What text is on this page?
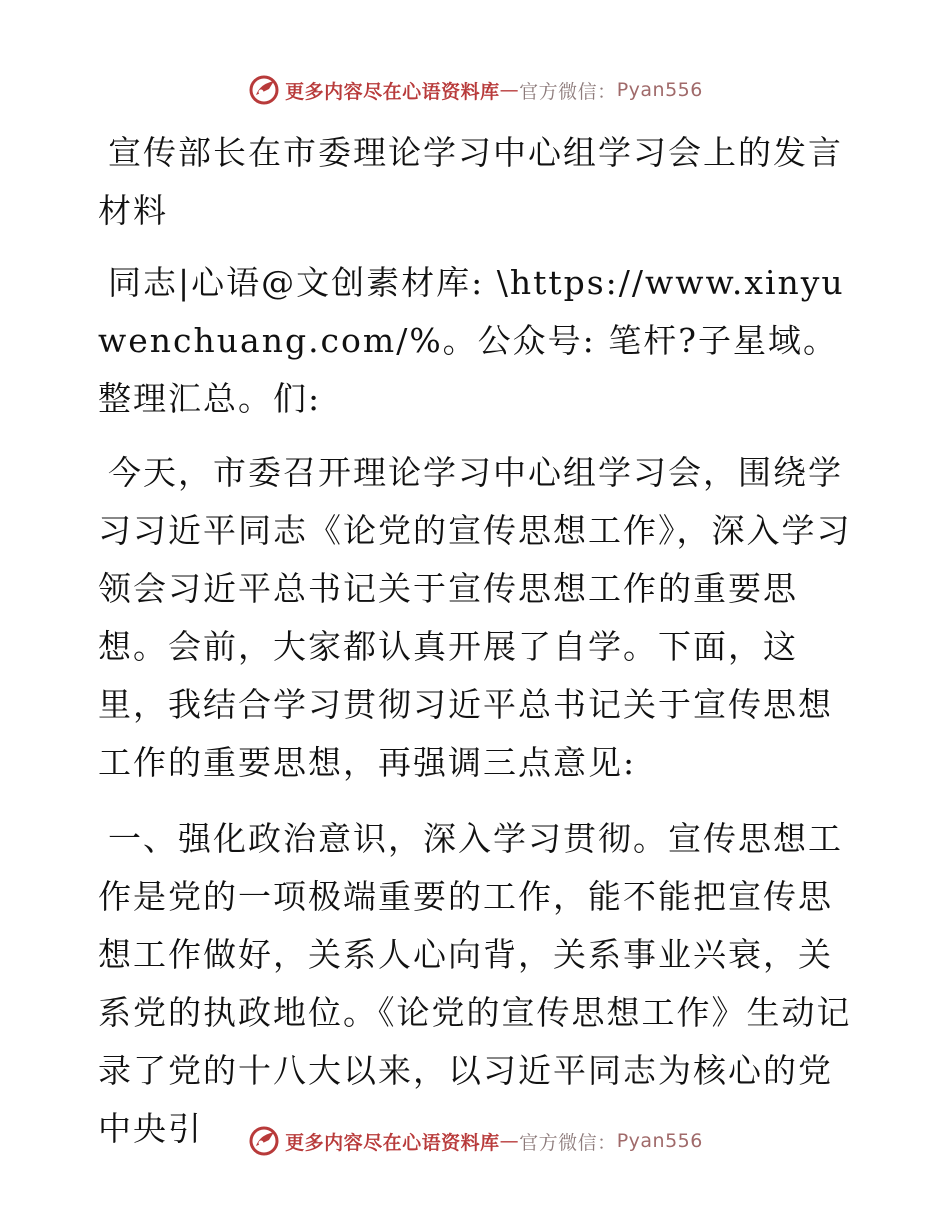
更多内容尽在心语资料库 — 官方微信： Pyan556

宣传部长在市委理论学习中心组学习会上的发言材料

同志|心语@文创素材库: \https://www.xinyuwenchuang.com/%。公众号: 笔杆?子星域。整理汇总。们:

今天，市委召开理论学习中心组学习会，围绕学习习近平同志《论党的宣传思想工作》，深入学习领会习近平总书记关于宣传思想工作的重要思想。会前，大家都认真开展了自学。下面，这里，我结合学习贯彻习近平总书记关于宣传思想工作的重要思想，再强调三点意见:

一、强化政治意识，深入学习贯彻。宣传思想工作是党的一项极端重要的工作，能不能把宣传思想工作做好，关系人心向背，关系事业兴衰，关系党的执政地位。《论党的宣传思想工作》生动记录了党的十八大以来，以习近平同志为核心的党中央引	更多内容尽在心语资料库 — 官方微信： Pyan556
